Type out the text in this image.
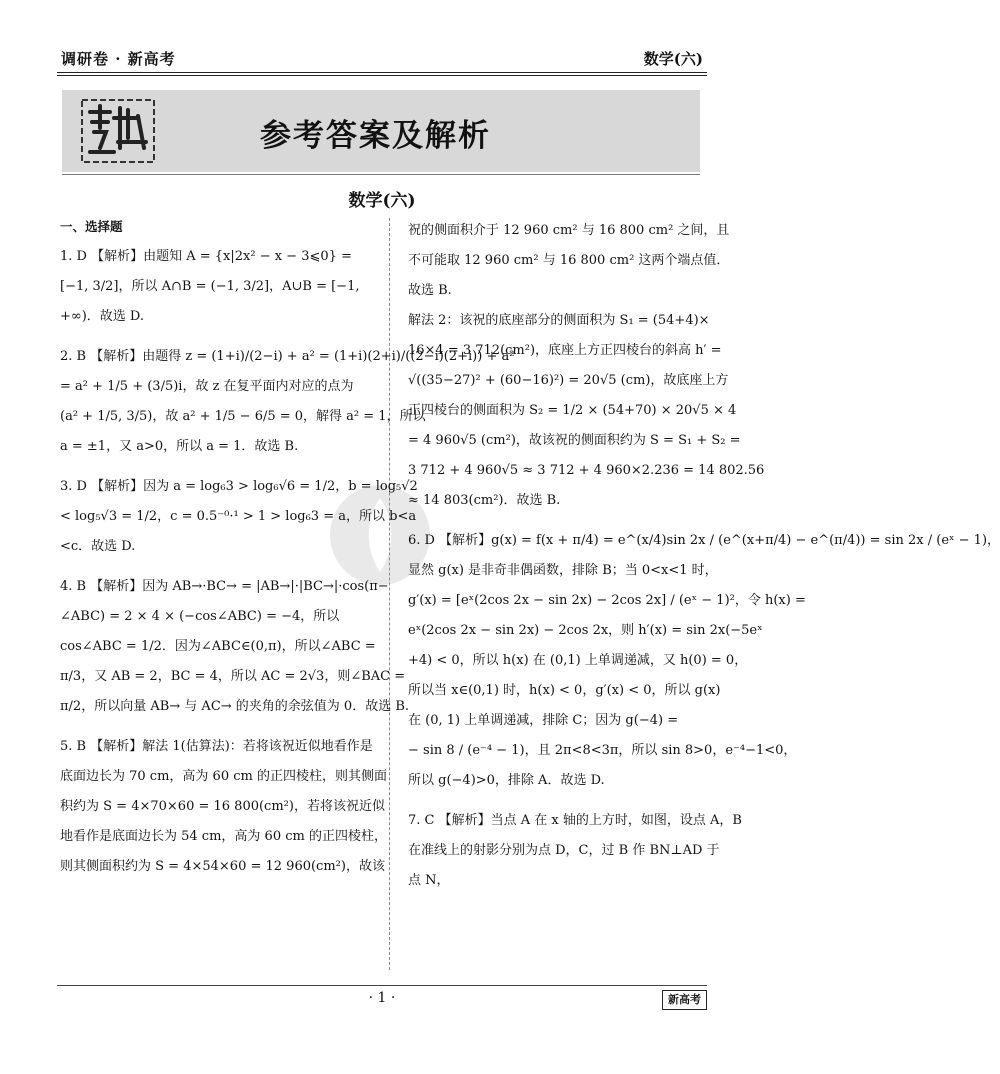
调研卷 · 新高考	数学(六)
参考答案及解析
数学(六)
一、选择题
1. D 【解析】由题知 A = {x|2x² − x − 3⩽0} =
[−1, 3/2]，所以 A∩B = (−1, 3/2]，A∪B = [−1,
+∞)．故选 D.
2. B 【解析】由题得 z = (1+i)/(2−i) + a² = (1+i)(2+i)/((2−i)(2+i)) + a²
= a² + 1/5 + (3/5)i，故 z 在复平面内对应的点为
(a² + 1/5, 3/5)，故 a² + 1/5 − 6/5 = 0，解得 a² = 1，所以
a = ±1，又 a>0，所以 a = 1．故选 B.
3. D 【解析】因为 a = log₆3 > log₆√6 = 1/2，b = log₅√2
< log₅√3 = 1/2，c = 0.5⁻⁰·¹ > 1 > log₆3 = a，所以 b<a
<c．故选 D.
4. B 【解析】因为 AB→·BC→ = |AB→|·|BC→|·cos(π−
∠ABC) = 2 × 4 × (−cos∠ABC) = −4，所以
cos∠ABC = 1/2．因为∠ABC∈(0,π)，所以∠ABC =
π/3，又 AB = 2，BC = 4，所以 AC = 2√3，则∠BAC =
π/2，所以向量 AB→ 与 AC→ 的夹角的余弦值为 0．故选 B.
5. B 【解析】解法 1(估算法)：若将该祝近似地看作是
底面边长为 70 cm，高为 60 cm 的正四棱柱，则其侧面
积约为 S = 4×70×60 = 16 800(cm²)，若将该祝近似
地看作是底面边长为 54 cm，高为 60 cm 的正四棱柱，
则其侧面积约为 S = 4×54×60 = 12 960(cm²)，故该
祝的侧面积介于 12 960 cm² 与 16 800 cm² 之间，且
不可能取 12 960 cm² 与 16 800 cm² 这两个端点值．
故选 B.
解法 2：该祝的底座部分的侧面积为 S₁ = (54+4)×
16×4 = 3 712(cm²)，底座上方正四棱台的斜高 h′ =
√((35−27)² + (60−16)²) = 20√5 (cm)，故底座上方
正四棱台的侧面积为 S₂ = 1/2 × (54+70) × 20√5 × 4
= 4 960√5 (cm²)，故该祝的侧面积约为 S = S₁ + S₂ =
3 712 + 4 960√5 ≈ 3 712 + 4 960×2.236 = 14 802.56
≈ 14 803(cm²)．故选 B.
6. D 【解析】g(x) = f(x + π/4) = e^(x/4)sin 2x / (e^(x+π/4) − e^(π/4)) = sin 2x / (eˣ − 1)，
显然 g(x) 是非奇非偶函数，排除 B；当 0<x<1 时，
g′(x) = [eˣ(2cos 2x − sin 2x) − 2cos 2x] / (eˣ − 1)²，令 h(x) =
eˣ(2cos 2x − sin 2x) − 2cos 2x，则 h′(x) = sin 2x(−5eˣ
+4) < 0，所以 h(x) 在 (0,1) 上单调递减，又 h(0) = 0，
所以当 x∈(0,1) 时，h(x) < 0，g′(x) < 0，所以 g(x)
在 (0, 1) 上单调递减，排除 C；因为 g(−4) =
− sin 8 / (e⁻⁴ − 1)，且 2π<8<3π，所以 sin 8>0，e⁻⁴−1<0，
所以 g(−4)>0，排除 A．故选 D.
7. C 【解析】当点 A 在 x 轴的上方时，如图，设点 A，B
在准线上的射影分别为点 D，C，过 B 作 BN⊥AD 于
点 N，
· 1 ·	新高考
